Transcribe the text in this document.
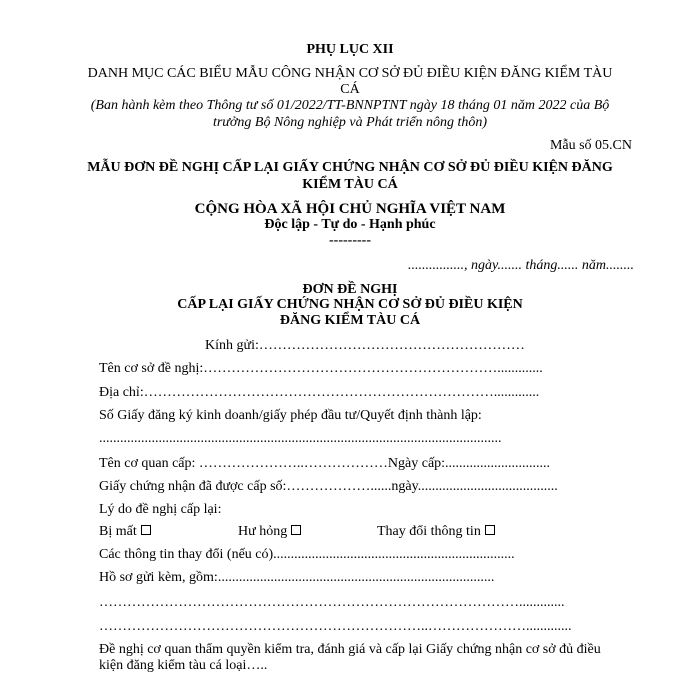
PHỤ LỤC XII
DANH MỤC CÁC BIỂU MẪU CÔNG NHẬN CƠ SỞ ĐỦ ĐIỀU KIỆN ĐĂNG KIỂM TÀU
CÁ
(Ban hành kèm theo Thông tư số 01/2022/TT-BNNPTNT ngày 18 tháng 01 năm 2022 của Bộ
trưởng Bộ Nông nghiệp và Phát triển nông thôn)
Mẫu số 05.CN
MẪU ĐƠN ĐỀ NGHỊ CẤP LẠI GIẤY CHỨNG NHẬN CƠ SỞ ĐỦ ĐIỀU KIỆN ĐĂNG
KIỂM TÀU CÁ
CỘNG HÒA XÃ HỘI CHỦ NGHĨA VIỆT NAM
Độc lập - Tự do - Hạnh phúc
---------
................, ngày....... tháng...... năm........
ĐƠN ĐỀ NGHỊ
CẤP LẠI GIẤY CHỨNG NHẬN CƠ SỞ ĐỦ ĐIỀU KIỆN
ĐĂNG KIỂM TÀU CÁ
Kính gửi:…………………………………………………
Tên cơ sở đề nghị:……………………………………………………….............
Địa chỉ:………………………………………………………………….............
Số Giấy đăng ký kinh doanh/giấy phép đầu tư/Quyết định thành lập:
...................................................................................................................
Tên cơ quan cấp: …………………..………………Ngày cấp:..............................
Giấy chứng nhận đã được cấp số:………………......ngày........................................
Lý do đề nghị cấp lại:
Bị mất	Hư hỏng	Thay đổi thông tin
Các thông tin thay đổi (nếu có).....................................................................
Hồ sơ gửi kèm, gồm:...............................................................................
……………………………………………………………………………….............
……………………………………………………………..………………….............
Đề nghị cơ quan thẩm quyền kiểm tra, đánh giá và cấp lại Giấy chứng nhận cơ sở đủ điều
kiện đăng kiểm tàu cá loại…..
